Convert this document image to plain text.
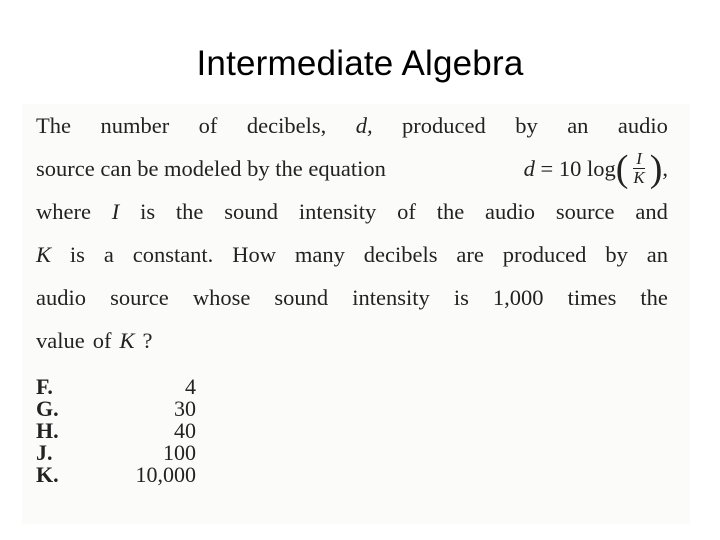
Intermediate Algebra
The number of decibels, d, produced by an audio
source can be modeled by the equation	d
= 10 log ( $\frac{I}{K}$ ) ,
where I is the sound intensity of the audio source and
K is a constant. How many decibels are produced by an
audio source whose sound intensity is 1,000 times the
value of K ?
F.	4
G.	30
H.	40
J.	100
K.	10,000
